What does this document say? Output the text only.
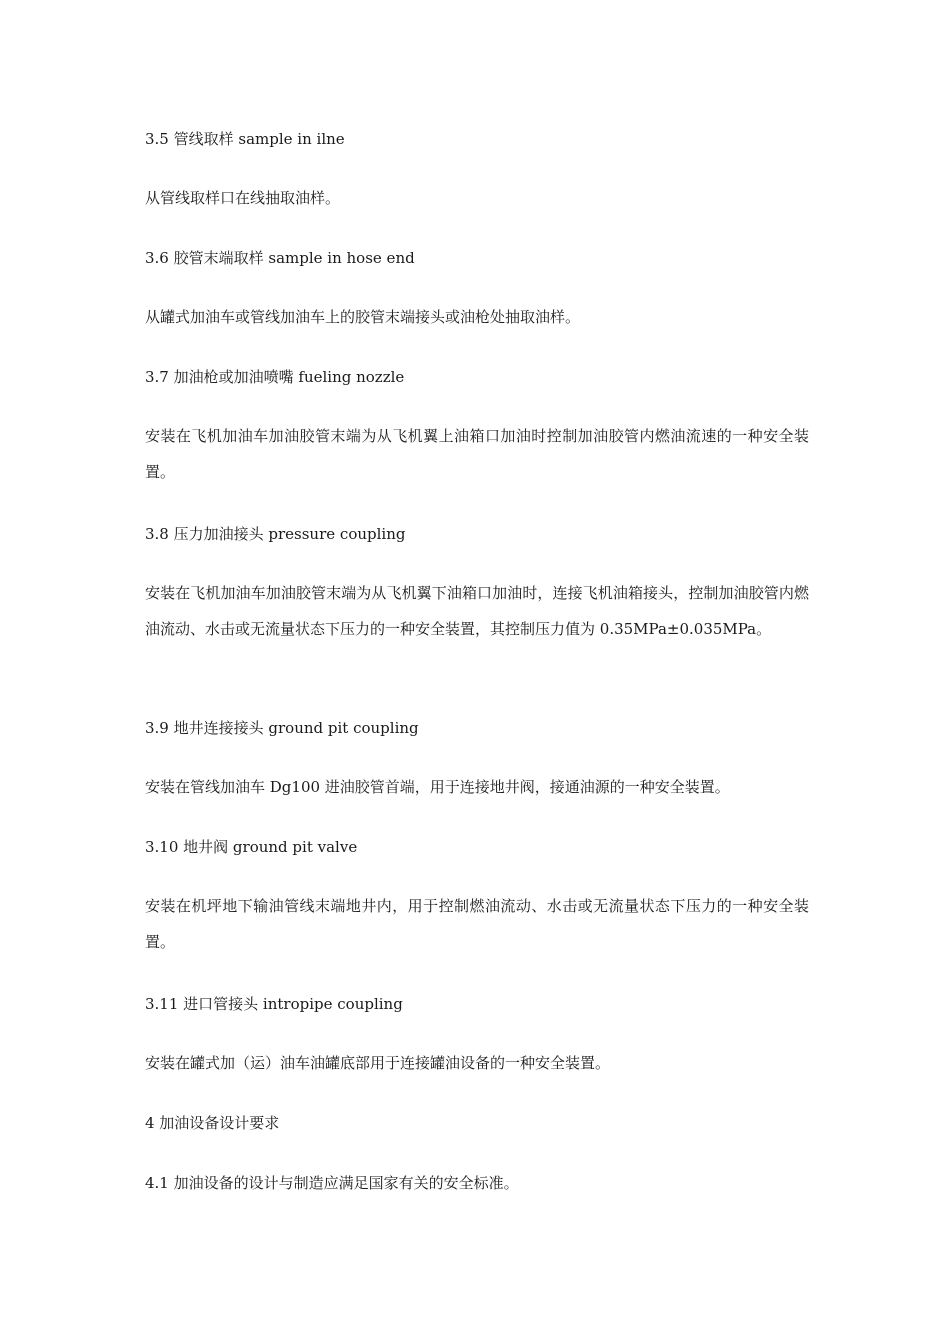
3.5 管线取样 sample in ilne

从管线取样口在线抽取油样。

3.6 胶管末端取样 sample in hose end

从罐式加油车或管线加油车上的胶管末端接头或油枪处抽取油样。

3.7 加油枪或加油喷嘴 fueling nozzle

安装在飞机加油车加油胶管末端为从飞机翼上油箱口加油时控制加油胶管内燃油流速的一种安全装置。

3.8 压力加油接头 pressure coupling

安装在飞机加油车加油胶管末端为从飞机翼下油箱口加油时，连接飞机油箱接头，控制加油胶管内燃油流动、水击或无流量状态下压力的一种安全装置，其控制压力值为 0.35MPa±0.035MPa。

3.9 地井连接接头 ground pit coupling

安装在管线加油车 Dg100 进油胶管首端，用于连接地井阀，接通油源的一种安全装置。

3.10 地井阀 ground pit valve

安装在机坪地下输油管线末端地井内，用于控制燃油流动、水击或无流量状态下压力的一种安全装置。

3.11 进口管接头 intropipe coupling

安装在罐式加（运）油车油罐底部用于连接罐油设备的一种安全装置。

4 加油设备设计要求

4.1 加油设备的设计与制造应满足国家有关的安全标准。
